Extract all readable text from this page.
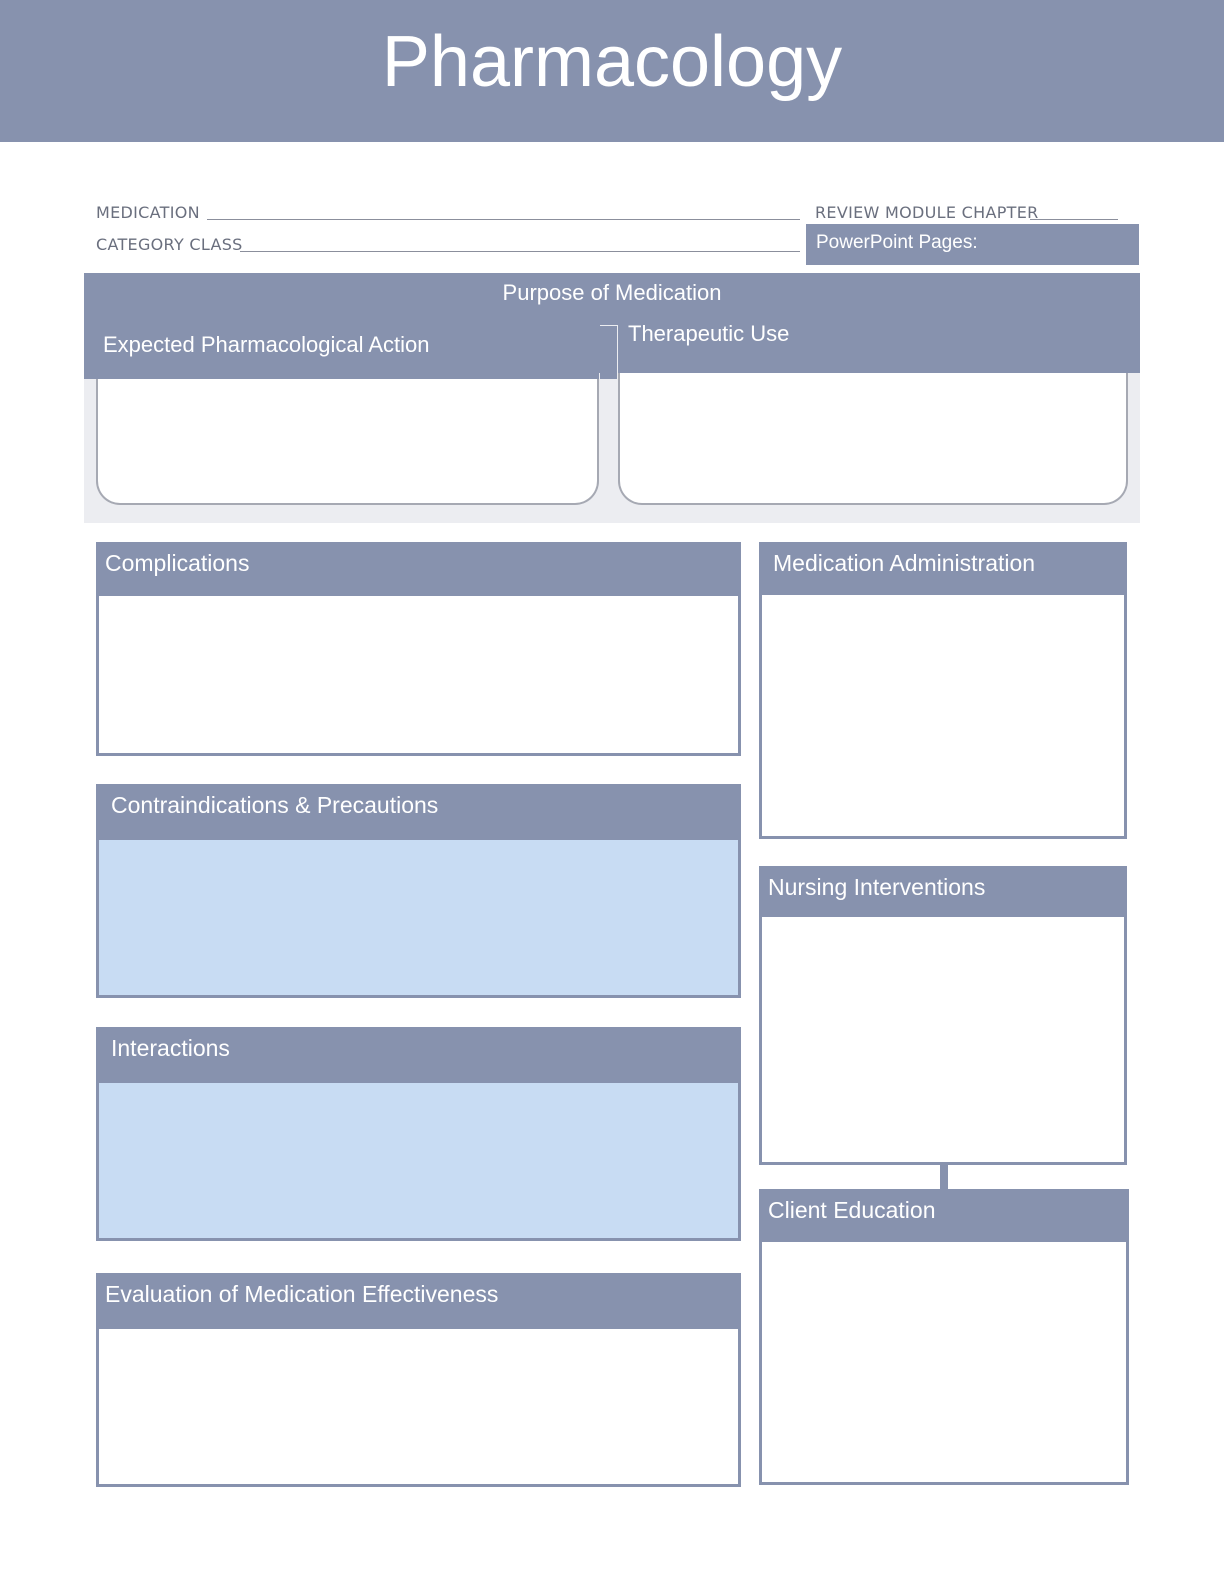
Pharmacology
MEDICATION
CATEGORY CLASS
REVIEW MODULE CHAPTER
PowerPoint Pages:
Purpose of Medication
Expected Pharmacological Action	Therapeutic Use
Complications
Contraindications & Precautions
Interactions
Evaluation of Medication Effectiveness
Medication Administration
Nursing Interventions
Client Education
